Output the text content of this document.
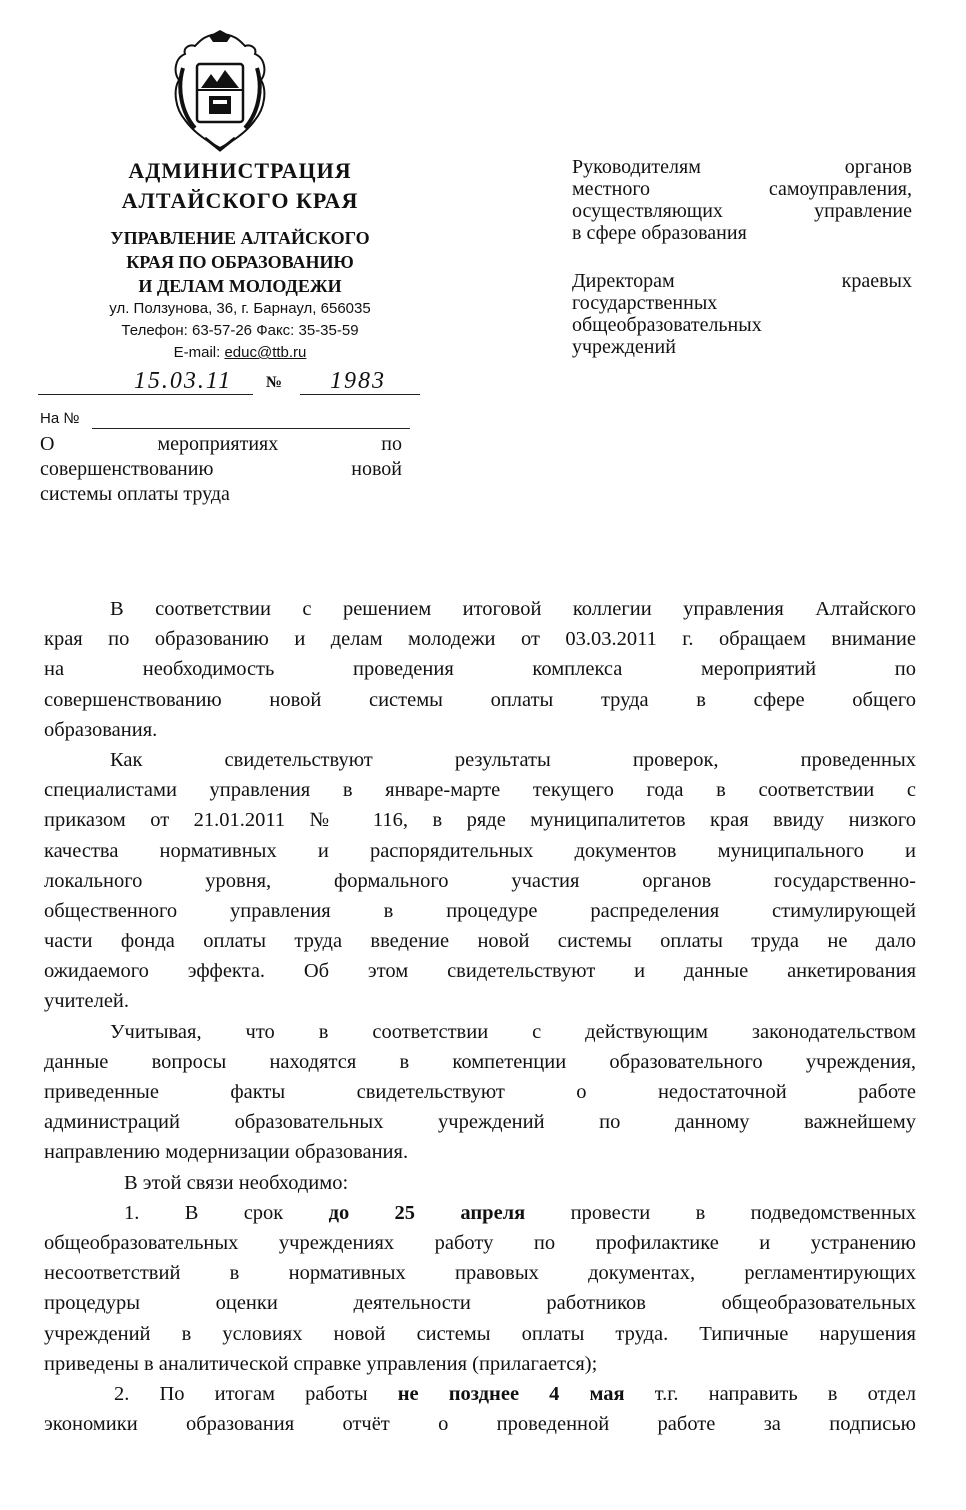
АДМИНИСТРАЦИЯ
АЛТАЙСКОГО КРАЯ
УПРАВЛЕНИЕ АЛТАЙСКОГО
КРАЯ ПО ОБРАЗОВАНИЮ
И ДЕЛАМ МОЛОДЕЖИ
ул. Ползунова, 36, г. Барнаул, 656035
Телефон: 63-57-26 Факс: 35-35-59
E-mail: educ@ttb.ru
15.03.11	№	1983
На №
О мероприятиях по
совершенствованию новой
системы оплаты труда
Руководителям органов
местного самоуправления,
осуществляющих управление
в сфере образования
Директорам краевых
государственных
общеобразовательных
учреждений
В соответствии с решением итоговой коллегии управления Алтайского
края по образованию и делам молодежи от 03.03.2011 г. обращаем внимание
на необходимость проведения комплекса мероприятий по
совершенствованию новой системы оплаты труда в сфере общего
образования.
Как свидетельствуют результаты проверок, проведенных
специалистами управления в январе-марте текущего года в соответствии с
приказом от 21.01.2011 № 116, в ряде муниципалитетов края ввиду низкого
качества нормативных и распорядительных документов муниципального и
локального уровня, формального участия органов государственно-
общественного управления в процедуре распределения стимулирующей
части фонда оплаты труда введение новой системы оплаты труда не дало
ожидаемого эффекта. Об этом свидетельствуют и данные анкетирования
учителей.
Учитывая, что в соответствии с действующим законодательством
данные вопросы находятся в компетенции образовательного учреждения,
приведенные факты свидетельствуют о недостаточной работе
администраций образовательных учреждений по данному важнейшему
направлению модернизации образования.
В этой связи необходимо:
1. В срок до 25 апреля провести в подведомственных
общеобразовательных учреждениях работу по профилактике и устранению
несоответствий в нормативных правовых документах, регламентирующих
процедуры оценки деятельности работников общеобразовательных
учреждений в условиях новой системы оплаты труда. Типичные нарушения
приведены в аналитической справке управления (прилагается);
2. По итогам работы не позднее 4 мая т.г. направить в отдел
экономики образования отчёт о проведенной работе за подписью
